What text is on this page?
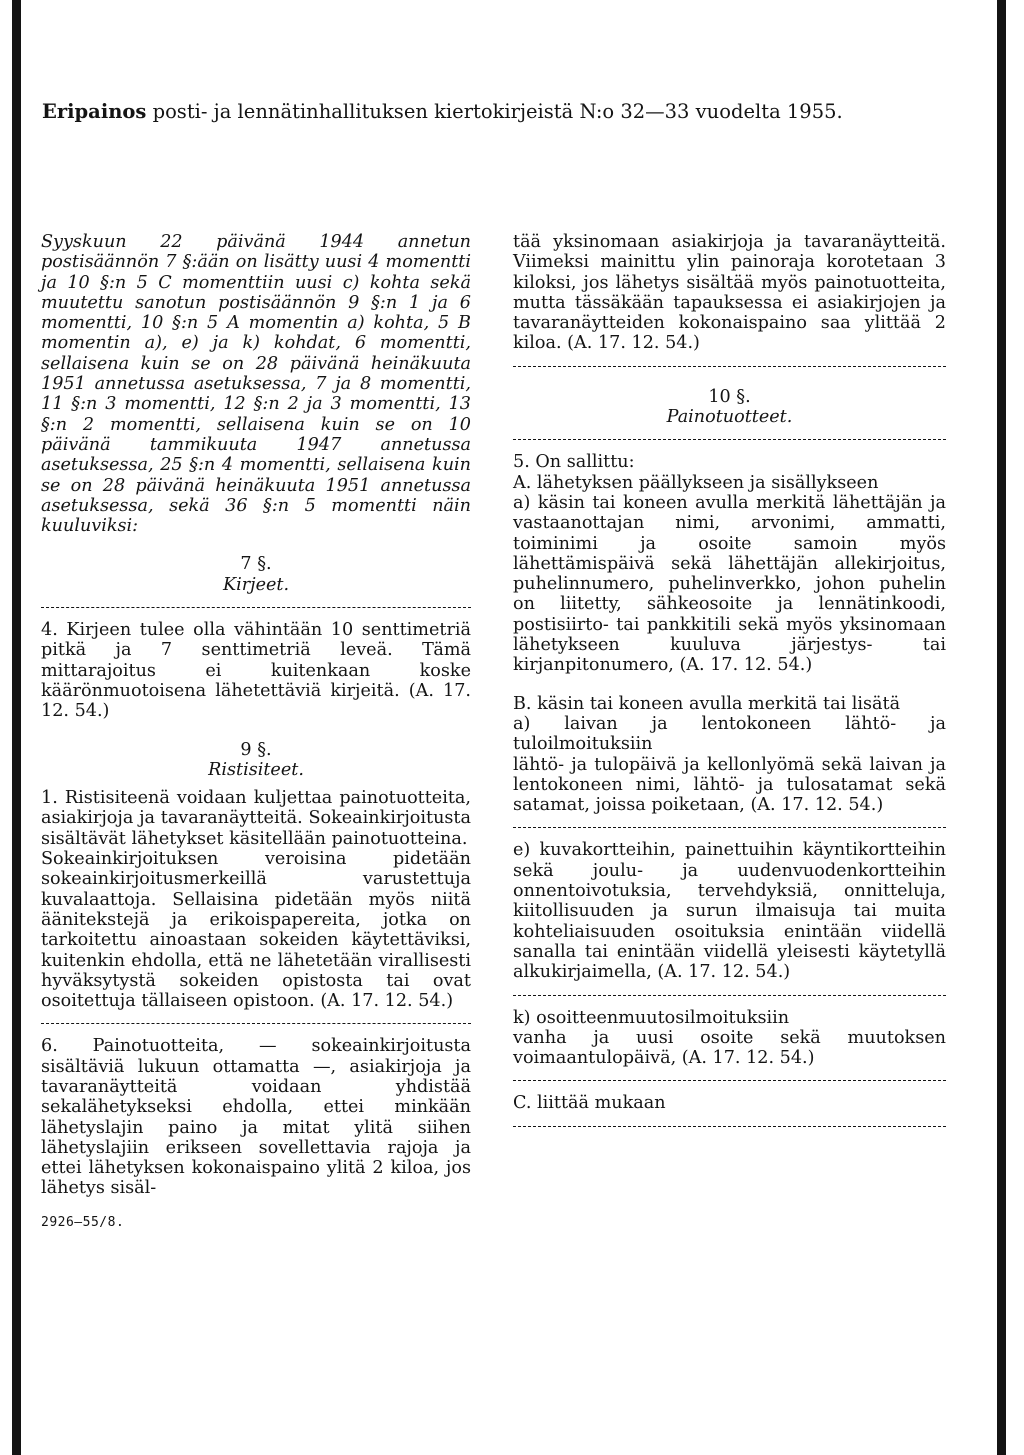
Eripainos posti- ja lennätinhallituksen kiertokirjeistä N:o 32—33 vuodelta 1955.

Syyskuun 22 päivänä 1944 annetun postisäännön 7 §:ään on lisätty uusi 4 momentti ja 10 §:n 5 C momenttiin uusi c) kohta sekä muutettu sanotun postisäännön 9 §:n 1 ja 6 momentti, 10 §:n 5 A momentin a) kohta, 5 B momentin a), e) ja k) kohdat, 6 momentti, sellaisena kuin se on 28 päivänä heinäkuuta 1951 annetussa asetuksessa, 7 ja 8 momentti, 11 §:n 3 momentti, 12 §:n 2 ja 3 momentti, 13 §:n 2 momentti, sellaisena kuin se on 10 päivänä tammikuuta 1947 annetussa asetuksessa, 25 §:n 4 momentti, sellaisena kuin se on 28 päivänä heinäkuuta 1951 annetussa asetuksessa, sekä 36 §:n 5 momentti näin kuuluviksi:

7 §.
Kirjeet.
4. Kirjeen tulee olla vähintään 10 senttimetriä pitkä ja 7 senttimetriä leveä. Tämä mittarajoitus ei kuitenkaan koske käärönmuotoisena lähetettäviä kirjeitä. (A. 17. 12. 54.)
9 §.
Ristisiteet.
1. Ristisiteenä voidaan kuljettaa painotuotteita, asiakirjoja ja tavaranäytteitä. Sokeainkirjoitusta sisältävät lähetykset käsitellään painotuotteina.
Sokeainkirjoituksen veroisina pidetään sokeainkirjoitusmerkeillä varustettuja kuvalaattoja. Sellaisina pidetään myös niitä äänitekstejä ja erikoispapereita, jotka on tarkoitettu ainoastaan sokeiden käytettäviksi, kuitenkin ehdolla, että ne lähetetään virallisesti hyväksytystä sokeiden opistosta tai ovat osoitettuja tällaiseen opistoon. (A. 17. 12. 54.)
6. Painotuotteita, — sokeainkirjoitusta sisältäviä lukuun ottamatta —, asiakirjoja ja tavaranäytteitä voidaan yhdistää sekalähetykseksi ehdolla, ettei minkään lähetyslajin paino ja mitat ylitä siihen lähetyslajiin erikseen sovellettavia rajoja ja ettei lähetyksen kokonaispaino ylitä 2 kiloa, jos lähetys sisäl-
2926—55/8.
tää yksinomaan asiakirjoja ja tavaranäytteitä. Viimeksi mainittu ylin painoraja korotetaan 3 kiloksi, jos lähetys sisältää myös painotuotteita, mutta tässäkään tapauksessa ei asiakirjojen ja tavaranäytteiden kokonaispaino saa ylittää 2 kiloa. (A. 17. 12. 54.)
10 §.
Painotuotteet.
5. On sallittu:
A. lähetyksen päällykseen ja sisällykseen
a) käsin tai koneen avulla merkitä lähettäjän ja vastaanottajan nimi, arvonimi, ammatti, toiminimi ja osoite samoin myös lähettämispäivä sekä lähettäjän allekirjoitus, puhelinnumero, puhelinverkko, johon puhelin on liitetty, sähkeosoite ja lennätinkoodi, postisiirto- tai pankkitili sekä myös yksinomaan lähetykseen kuuluva järjestys- tai kirjanpitonumero, (A. 17. 12. 54.)
B. käsin tai koneen avulla merkitä tai lisätä
a) laivan ja lentokoneen lähtö- ja tuloilmoituksiin
lähtö- ja tulopäivä ja kellonlyömä sekä laivan ja lentokoneen nimi, lähtö- ja tulosatamat sekä satamat, joissa poiketaan, (A. 17. 12. 54.)
e) kuvakortteihin, painettuihin käyntikortteihin sekä joulu- ja uudenvuodenkortteihin onnentoivotuksia, tervehdyksiä, onnitteluja, kiitollisuuden ja surun ilmaisuja tai muita kohteliaisuuden osoituksia enintään viidellä sanalla tai enintään viidellä yleisesti käytetyllä alkukirjaimella, (A. 17. 12. 54.)
k) osoitteenmuutosilmoituksiin
vanha ja uusi osoite sekä muutoksen voimaantulopäivä, (A. 17. 12. 54.)
C. liittää mukaan
